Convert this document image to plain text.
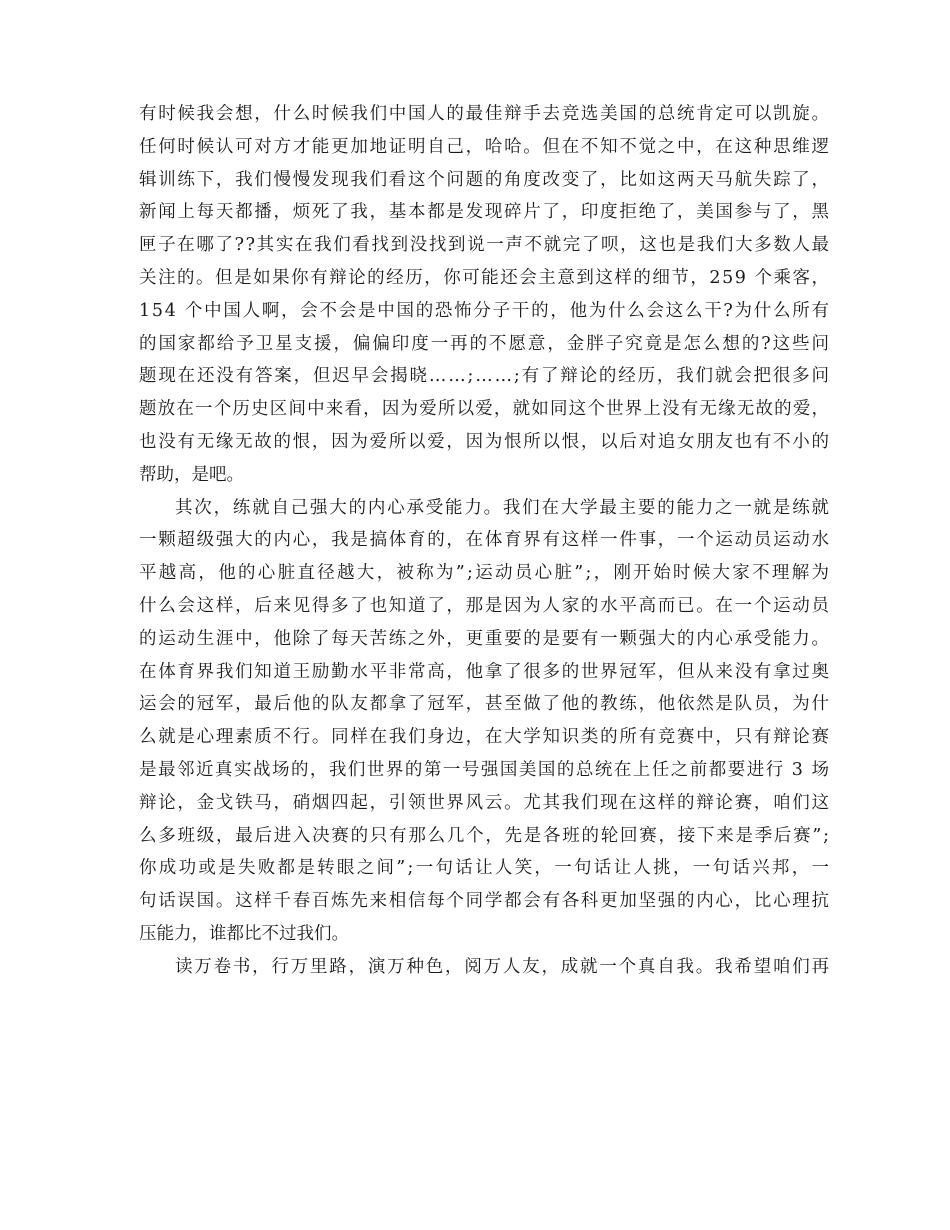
有时候我会想，什么时候我们中国人的最佳辩手去竞选美国的总统肯定可以凯旋。
任何时候认可对方才能更加地证明自己，哈哈。但在不知不觉之中，在这种思维逻
辑训练下，我们慢慢发现我们看这个问题的角度改变了，比如这两天马航失踪了，
新闻上每天都播，烦死了我，基本都是发现碎片了，印度拒绝了，美国参与了，黑
匣子在哪了??其实在我们看找到没找到说一声不就完了呗，这也是我们大多数人最
关注的。但是如果你有辩论的经历，你可能还会主意到这样的细节，259 个乘客，
154 个中国人啊，会不会是中国的恐怖分子干的，他为什么会这么干?为什么所有
的国家都给予卫星支援，偏偏印度一再的不愿意，金胖子究竟是怎么想的?这些问
题现在还没有答案，但迟早会揭晓……;……;有了辩论的经历，我们就会把很多问
题放在一个历史区间中来看，因为爱所以爱，就如同这个世界上没有无缘无故的爱，
也没有无缘无故的恨，因为爱所以爱，因为恨所以恨，以后对追女朋友也有不小的
帮助，是吧。
其次，练就自己强大的内心承受能力。我们在大学最主要的能力之一就是练就
一颗超级强大的内心，我是搞体育的，在体育界有这样一件事，一个运动员运动水
平越高，他的心脏直径越大，被称为”;运动员心脏”;，刚开始时候大家不理解为
什么会这样，后来见得多了也知道了，那是因为人家的水平高而已。在一个运动员
的运动生涯中，他除了每天苦练之外，更重要的是要有一颗强大的内心承受能力。
在体育界我们知道王励勤水平非常高，他拿了很多的世界冠军，但从来没有拿过奥
运会的冠军，最后他的队友都拿了冠军，甚至做了他的教练，他依然是队员，为什
么就是心理素质不行。同样在我们身边，在大学知识类的所有竞赛中，只有辩论赛
是最邻近真实战场的，我们世界的第一号强国美国的总统在上任之前都要进行 3 场
辩论，金戈铁马，硝烟四起，引领世界风云。尤其我们现在这样的辩论赛，咱们这
么多班级，最后进入决赛的只有那么几个，先是各班的轮回赛，接下来是季后赛”;
你成功或是失败都是转眼之间”;一句话让人笑，一句话让人挑，一句话兴邦，一
句话误国。这样千春百炼先来相信每个同学都会有各科更加坚强的内心，比心理抗
压能力，谁都比不过我们。
读万卷书，行万里路，演万种色，阅万人友，成就一个真自我。我希望咱们再
